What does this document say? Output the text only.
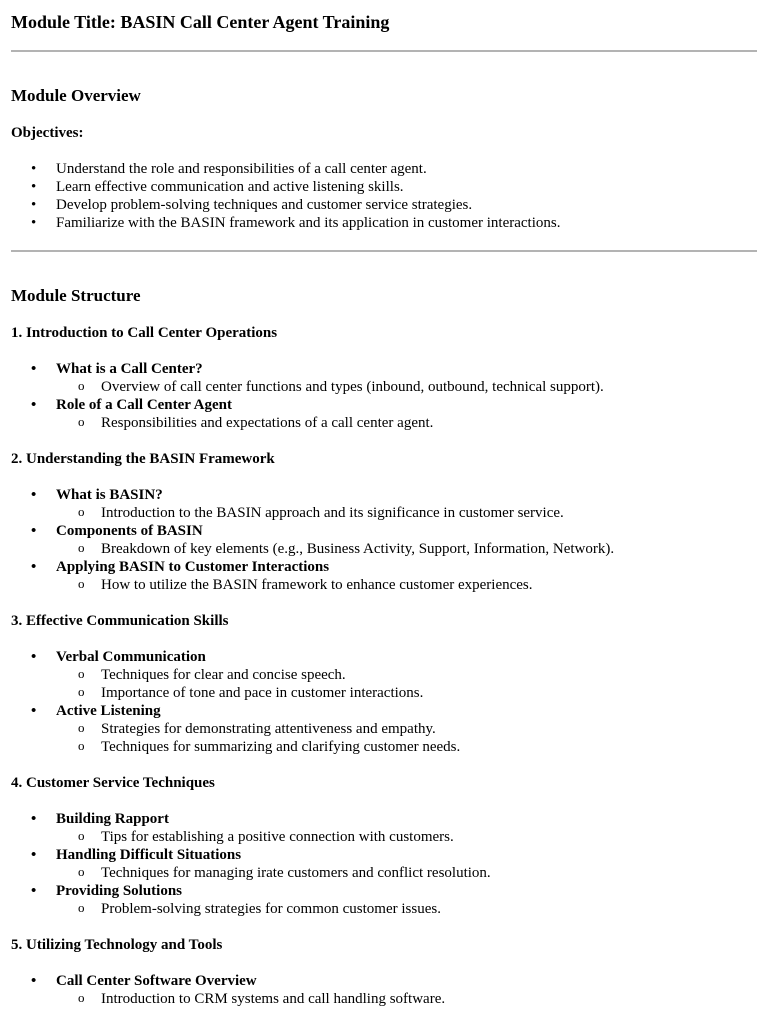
Module Title: BASIN Call Center Agent Training
Module Overview
Objectives:
• Understand the role and responsibilities of a call center agent.
• Learn effective communication and active listening skills.
• Develop problem-solving techniques and customer service strategies.
• Familiarize with the BASIN framework and its application in customer interactions.
Module Structure
1. Introduction to Call Center Operations
• What is a Call Center?
o Overview of call center functions and types (inbound, outbound, technical support).
• Role of a Call Center Agent
o Responsibilities and expectations of a call center agent.
2. Understanding the BASIN Framework
• What is BASIN?
o Introduction to the BASIN approach and its significance in customer service.
• Components of BASIN
o Breakdown of key elements (e.g., Business Activity, Support, Information, Network).
• Applying BASIN to Customer Interactions
o How to utilize the BASIN framework to enhance customer experiences.
3. Effective Communication Skills
• Verbal Communication
o Techniques for clear and concise speech.
o Importance of tone and pace in customer interactions.
• Active Listening
o Strategies for demonstrating attentiveness and empathy.
o Techniques for summarizing and clarifying customer needs.
4. Customer Service Techniques
• Building Rapport
o Tips for establishing a positive connection with customers.
• Handling Difficult Situations
o Techniques for managing irate customers and conflict resolution.
• Providing Solutions
o Problem-solving strategies for common customer issues.
5. Utilizing Technology and Tools
• Call Center Software Overview
o Introduction to CRM systems and call handling software.
